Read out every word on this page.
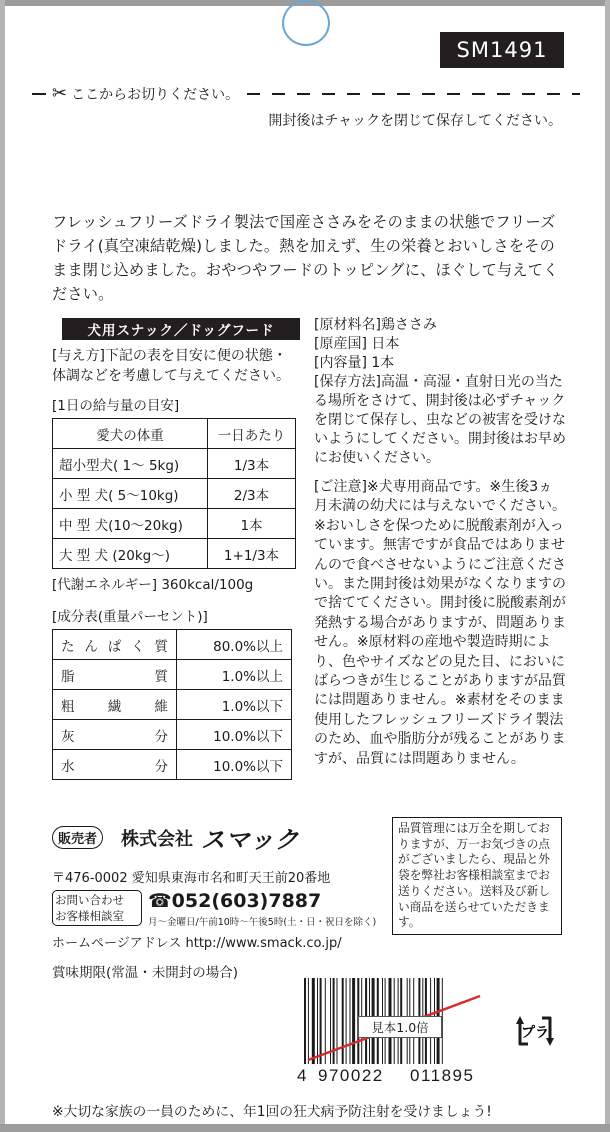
SM1491
✂ ここからお切りください。
開封後はチャックを閉じて保存してください。
フレッシュフリーズドライ製法で国産ささみをそのままの状態でフリーズドライ(真空凍結乾燥)しました。熱を加えず、生の栄養とおいしさをそのまま閉じ込めました。おやつやフードのトッピングに、ほぐして与えてください。
犬用スナック／ドッグフード
[与え方]下記の表を目安に便の状態・体調などを考慮して与えてください。
[1日の給与量の目安]
愛犬の体重	一日あたり
超小型犬( 1～ 5kg)	1/3本
小 型 犬( 5～10kg)	2/3本
中 型 犬(10～20kg)	1本
大 型 犬 (20kg～)	1+1/3本
[代謝エネルギー] 360kcal/100g
[成分表(重量パーセント)]
たんぱく質	80.0%以上
脂質	1.0%以上
粗繊維	1.0%以下
灰分	10.0%以下
水分	10.0%以下
[原材料名]鶏ささみ
[原産国] 日本
[内容量] 1本
[保存方法]高温・高湿・直射日光の当たる場所をさけて、開封後は必ずチャックを閉じて保存し、虫などの被害を受けないようにしてください。開封後はお早めにお使いください。
[ご注意]※犬専用商品です。※生後3ヵ月未満の幼犬には与えないでください。※おいしさを保つために脱酸素剤が入っています。無害ですが食品ではありませんので食べさせないようにご注意ください。また開封後は効果がなくなりますので捨ててください。開封後に脱酸素剤が発熱する場合がありますが、問題ありません。※原材料の産地や製造時期により、色やサイズなどの見た目、においにばらつきが生じることがありますが品質には問題ありません。※素材をそのまま使用したフレッシュフリーズドライ製法のため、血や脂肪分が残ることがありますが、品質には問題ありません。
販売者	株式会社 スマック
〒476-0002 愛知県東海市名和町天王前20番地
お問い合わせ
お客様相談室
☎052(603)7887
月～金曜日/午前10時～午後5時(土・日・祝日を除く)
ホームページアドレス http://www.smack.co.jp/
賞味期限(常温・未開封の場合)
品質管理には万全を期しておりますが、万一お気づきの点がございましたら、現品と外袋を弊社お客様相談室までお送りください。送料及び新しい商品を送らせていただきます。
見本1.0倍
4 970022	011895
プラ
※大切な家族の一員のために、年1回の狂犬病予防注射を受けましょう!
